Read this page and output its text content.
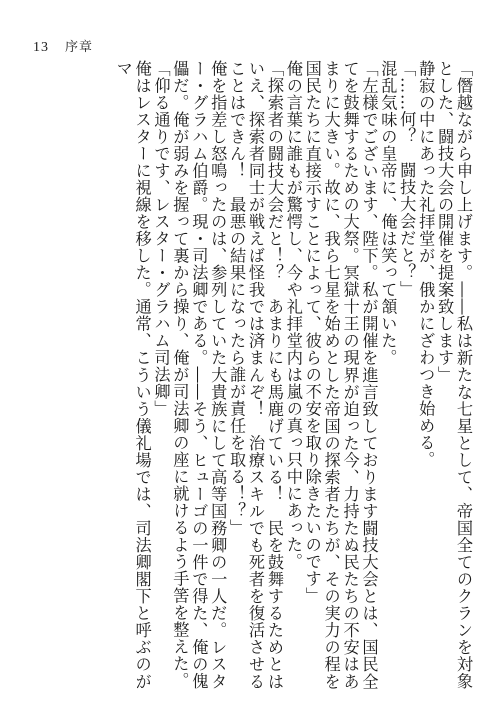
13 序章

「僭越ながら申し上げます。――私は新たな七星として、帝国全てのクランを対象とした、闘技大会の開催を提案致します」

静寂の中にあった礼拝堂が、俄かにざわつき始める。

「……何？　闘技大会だと？」

混乱気味の皇帝に、俺は笑って頷いた。

「左様でございます、陛下。私が開催を進言致しております闘技大会とは、国民全てを鼓舞するための大祭。冥獄十王の現界が迫った今、力持たぬ民たちの不安はあまりに大きい。故に、我ら七星を始めとした帝国の探索者たちが、その実力の程を国民たちに直接示すことによって、彼らの不安を取り除きたいのです」

俺の言葉に誰もが驚愕し、今や礼拝堂内は嵐の真っ只中にあった。

「探索者の闘技大会だと！？　あまりにも馬鹿げている！　民を鼓舞するためとはいえ、探索者同士が戦えば怪我では済まんぞ！　治療スキルでも死者を復活させることはできん！　最悪の結果になったら誰が責任を取る！？」

俺を指差し怒鳴ったのは、参列していた大貴族にして高等国務卿の一人だ。レスター・グラハム伯爵。現・司法卿である。――そう、ヒューゴの一件で得た、俺の傀儡だ。俺が弱みを握って裏から操り、俺が司法卿の座に就けるよう手筈を整えた。

「仰る通りです、レスター・グラハム司法卿」

俺はレスターに視線を移した。通常、こういう儀礼場では、司法卿閣下と呼ぶのがマ
